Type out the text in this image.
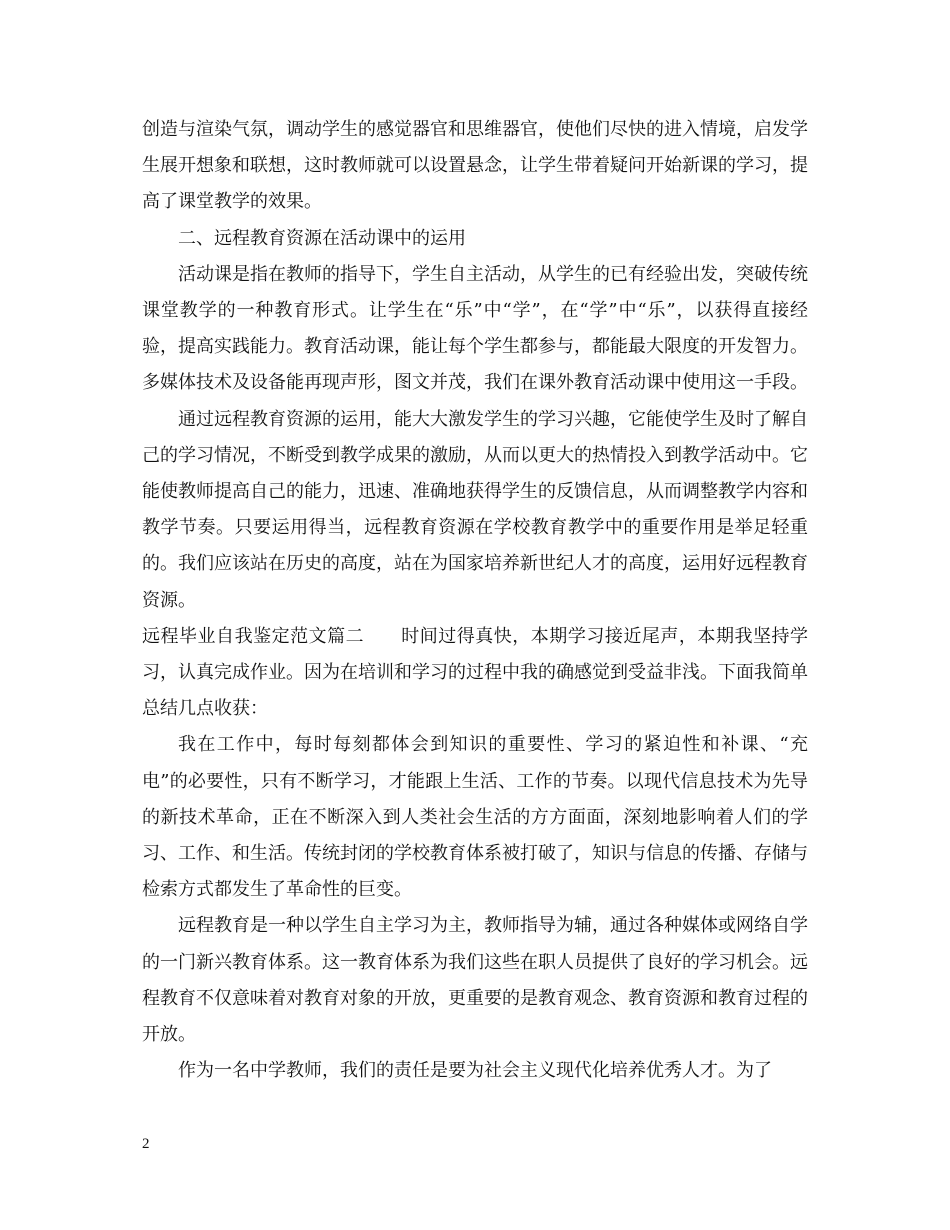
创造与渲染气氛，调动学生的感觉器官和思维器官，使他们尽快的进入情境，启发学生展开想象和联想，这时教师就可以设置悬念，让学生带着疑问开始新课的学习，提高了课堂教学的效果。

二、远程教育资源在活动课中的运用

活动课是指在教师的指导下，学生自主活动，从学生的已有经验出发，突破传统课堂教学的一种教育形式。让学生在“乐”中“学”，在“学”中“乐”，以获得直接经验，提高实践能力。教育活动课，能让每个学生都参与，都能最大限度的开发智力。多媒体技术及设备能再现声形，图文并茂，我们在课外教育活动课中使用这一手段。

通过远程教育资源的运用，能大大激发学生的学习兴趣，它能使学生及时了解自己的学习情况，不断受到教学成果的激励，从而以更大的热情投入到教学活动中。它能使教师提高自己的能力，迅速、准确地获得学生的反馈信息，从而调整教学内容和教学节奏。只要运用得当，远程教育资源在学校教育教学中的重要作用是举足轻重的。我们应该站在历史的高度，站在为国家培养新世纪人才的高度，运用好远程教育资源。

远程毕业自我鉴定范文篇二　　时间过得真快，本期学习接近尾声，本期我坚持学习，认真完成作业。因为在培训和学习的过程中我的确感觉到受益非浅。下面我简单总结几点收获：

我在工作中，每时每刻都体会到知识的重要性、学习的紧迫性和补课、“充电”的必要性，只有不断学习，才能跟上生活、工作的节奏。以现代信息技术为先导的新技术革命，正在不断深入到人类社会生活的方方面面，深刻地影响着人们的学习、工作、和生活。传统封闭的学校教育体系被打破了，知识与信息的传播、存储与检索方式都发生了革命性的巨变。

远程教育是一种以学生自主学习为主，教师指导为辅，通过各种媒体或网络自学的一门新兴教育体系。这一教育体系为我们这些在职人员提供了良好的学习机会。远程教育不仅意味着对教育对象的开放，更重要的是教育观念、教育资源和教育过程的开放。

作为一名中学教师，我们的责任是要为社会主义现代化培养优秀人才。为了

2
